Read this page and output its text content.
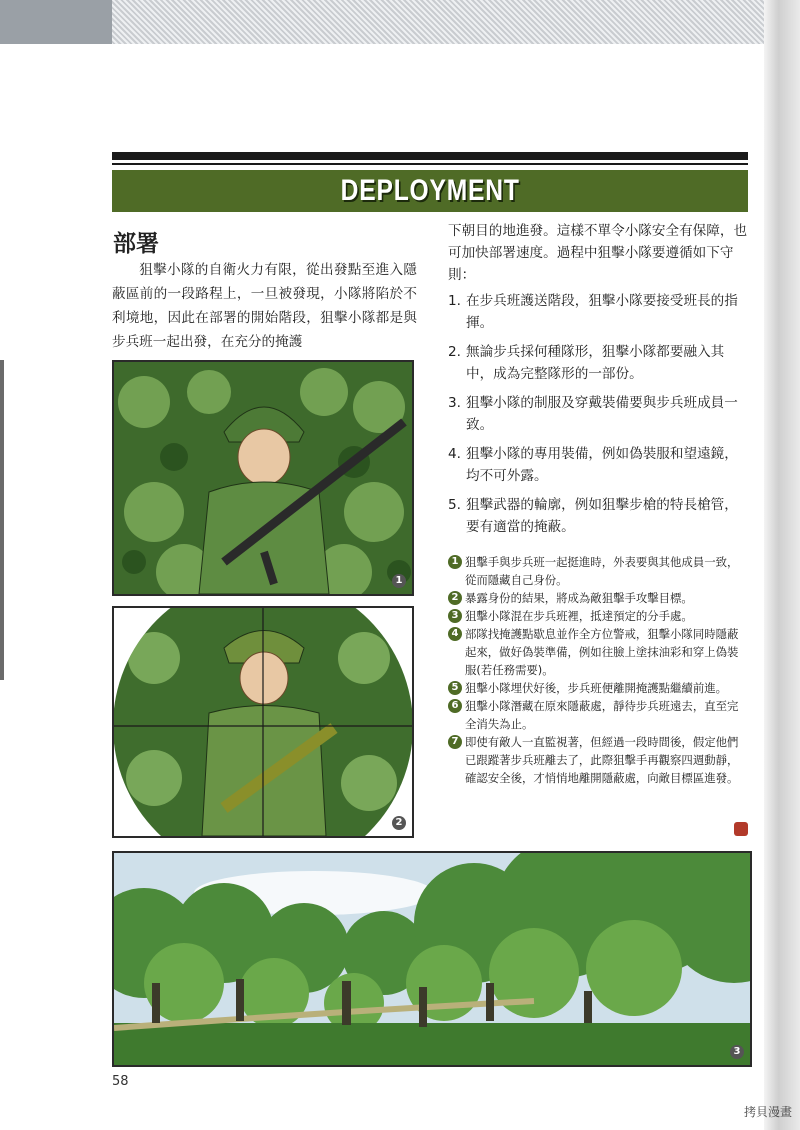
DEPLOYMENT
部署
狙擊小隊的自衛火力有限，從出發點至進入隱蔽區前的一段路程上，一旦被發現，小隊將陷於不利境地，因此在部署的開始階段，狙擊小隊都是與步兵班一起出發，在充分的掩護
1
2

下朝目的地進發。這樣不單令小隊安全有保障，也可加快部署速度。過程中狙擊小隊要遵循如下守則：

1. 在步兵班護送階段，狙擊小隊要接受班長的指揮。
2. 無論步兵採何種隊形，狙擊小隊都要融入其中，成為完整隊形的一部份。
3. 狙擊小隊的制服及穿戴裝備要與步兵班成員一致。
4. 狙擊小隊的專用裝備，例如偽裝服和望遠鏡，均不可外露。
5. 狙擊武器的輪廓，例如狙擊步槍的特長槍管，要有適當的掩蔽。
1 狙擊手與步兵班一起挺進時，外表要與其他成員一致，從而隱藏自己身份。
2 暴露身份的結果，將成為敵狙擊手攻擊目標。
3 狙擊小隊混在步兵班裡，抵達預定的分手處。
4 部隊找掩護點歇息並作全方位警戒，狙擊小隊同時隱蔽起來，做好偽裝準備，例如往臉上塗抹油彩和穿上偽裝服(若任務需要)。
5 狙擊小隊埋伏好後，步兵班便離開掩護點繼續前進。
6 狙擊小隊潛藏在原來隱蔽處，靜待步兵班遠去，直至完全消失為止。
7 即使有敵人一直監視著，但經過一段時間後，假定他們已跟蹤著步兵班離去了，此際狙擊手再觀察四週動靜，確認安全後，才悄悄地離開隱蔽處，向敵目標區進發。
3
58
拷貝漫畫
